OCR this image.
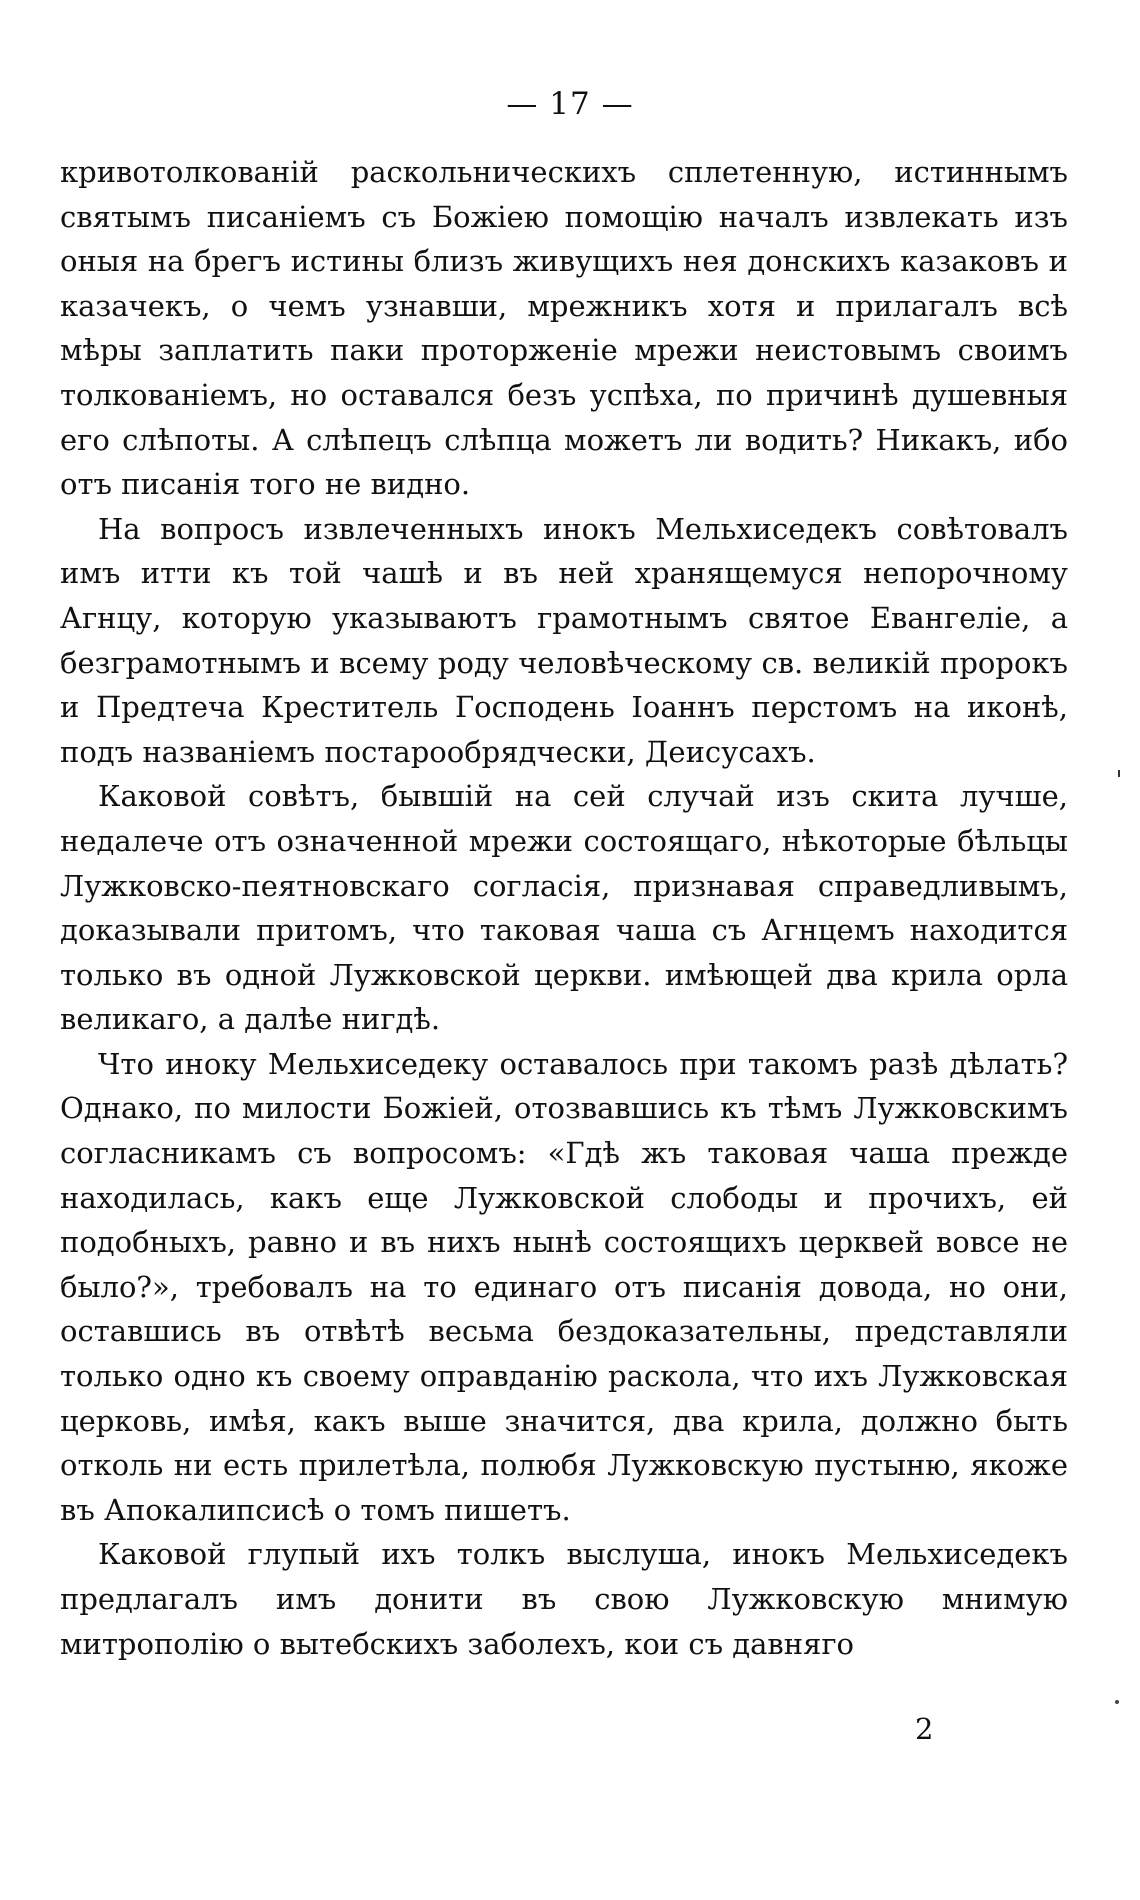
— 17 —

кривотолкованій раскольническихъ сплетенную, истиннымъ святымъ писаніемъ съ Божіею помощію началъ извлекать изъ оныя на брегъ истины близъ живущихъ нея донскихъ казаковъ и казачекъ, о чемъ узнавши, мрежникъ хотя и прилагалъ всѣ мѣры заплатить паки проторженіе мрежи неистовымъ своимъ толкованіемъ, но оставался безъ успѣха, по причинѣ душевныя его слѣпоты. А слѣпецъ слѣпца можетъ ли водить? Никакъ, ибо отъ писанія того не видно.

На вопросъ извлеченныхъ инокъ Мельхиседекъ совѣтовалъ имъ итти къ той чашѣ и въ ней хранящемуся непорочному Агнцу, которую указываютъ грамотнымъ святое Евангеліе, а безграмотнымъ и всему роду человѣческому св. великій пророкъ и Предтеча Креститель Господень Іоаннъ перстомъ на иконѣ, подъ названіемъ постарообрядчески, Деисусахъ.

Каковой совѣтъ, бывшій на сей случай изъ скита лучше, недалече отъ означенной мрежи состоящаго, нѣкоторые бѣльцы Лужковско-пеятновскаго согласія, признавая справедливымъ, доказывали притомъ, что таковая чаша съ Агнцемъ находится только въ одной Лужковской церкви. имѣющей два крила орла великаго, а далѣе нигдѣ.

Что иноку Мельхиседеку оставалось при такомъ разѣ дѣлать? Однако, по милости Божіей, отозвавшись къ тѣмъ Лужковскимъ согласникамъ съ вопросомъ: «Гдѣ жъ таковая чаша прежде находилась, какъ еще Лужковской слободы и прочихъ, ей подобныхъ, равно и въ нихъ нынѣ состоящихъ церквей вовсе не было?», требовалъ на то единаго отъ писанія довода, но они, оставшись въ отвѣтѣ весьма бездоказательны, представляли только одно къ своему оправданію раскола, что ихъ Лужковская церковь, имѣя, какъ выше значится, два крила, должно быть отколь ни есть прилетѣла, полюбя Лужковскую пустыню, якоже въ Апокалипсисѣ о томъ пишетъ.

Каковой глупый ихъ толкъ выслуша, инокъ Мельхиседекъ предлагалъ имъ донити въ свою Лужковскую мнимую митрополію о вытебскихъ заболехъ, кои съ давняго

2
